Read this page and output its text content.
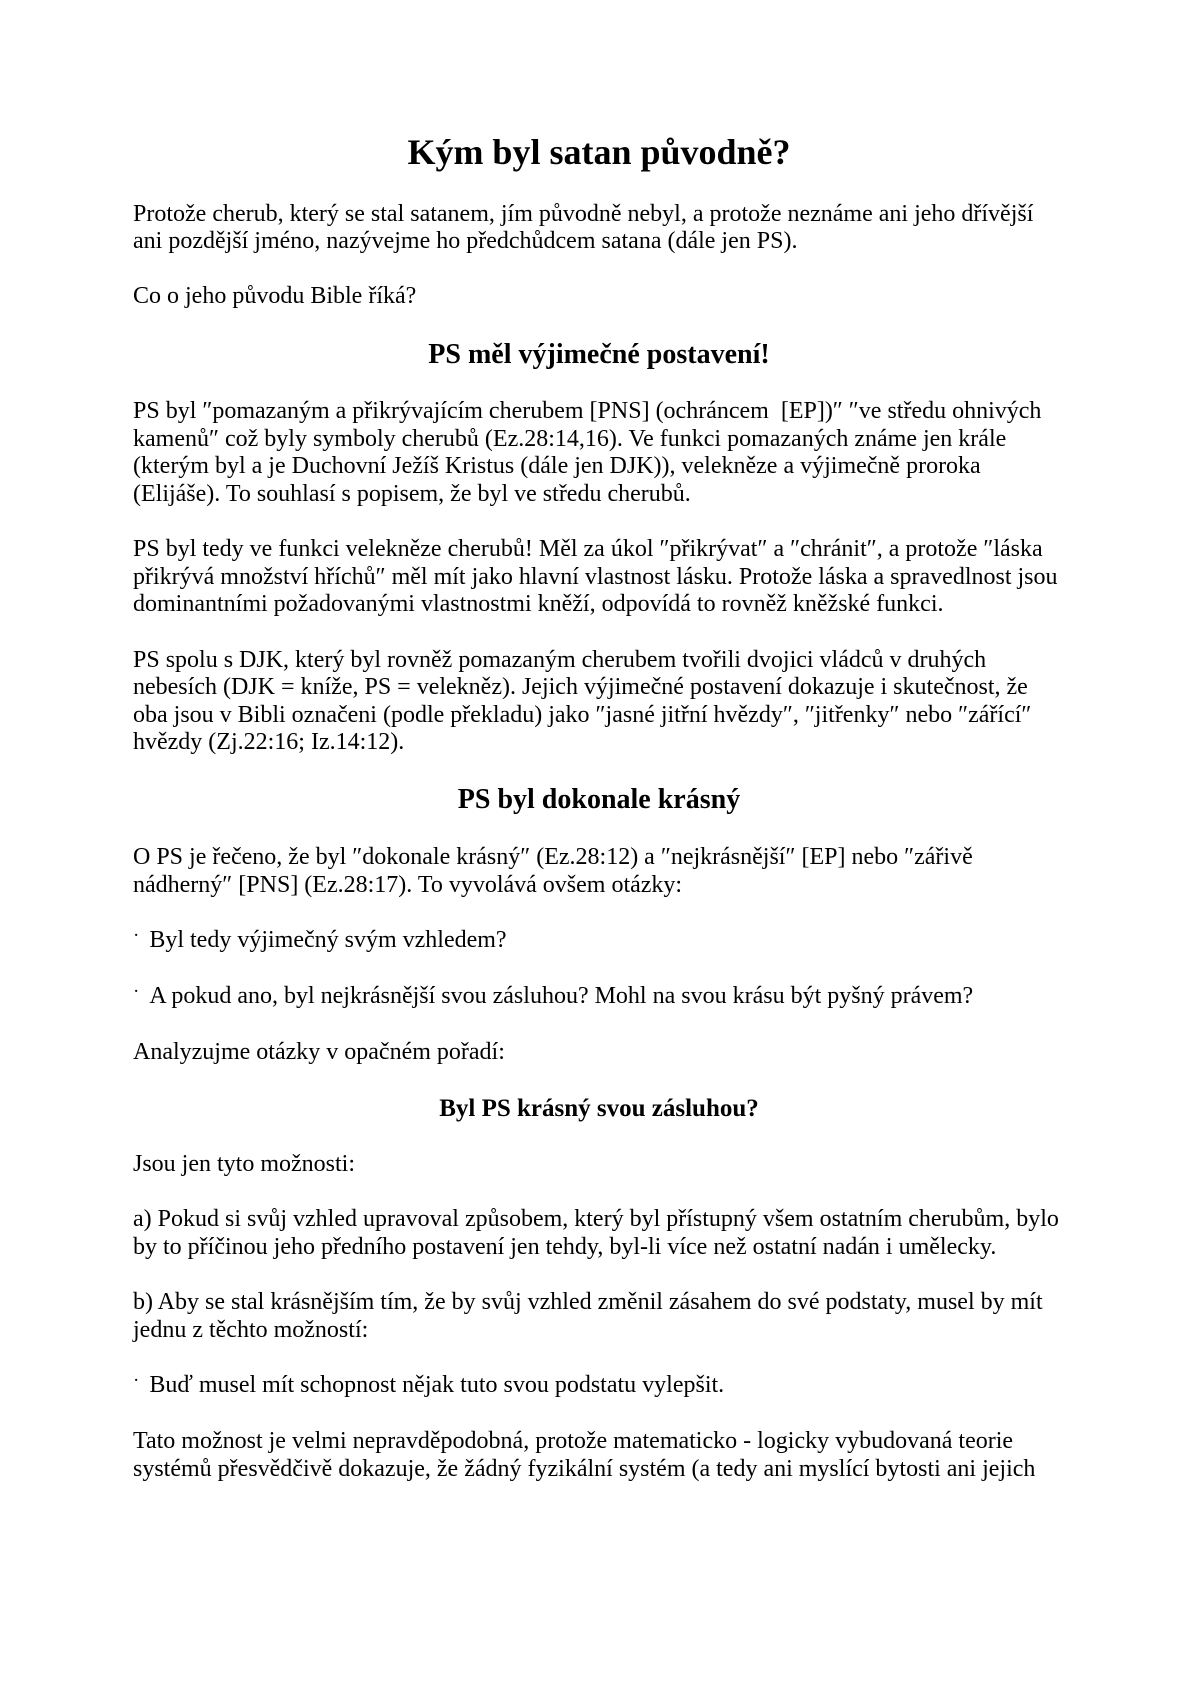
Kým byl satan původně?

Protože cherub, který se stal satanem, jím původně nebyl, a protože neznáme ani jeho dřívější ani pozdější jméno, nazývejme ho předchůdcem satana (dále jen PS).

Co o jeho původu Bible říká?

PS měl výjimečné postavení!

PS byl ″pomazaným a přikrývajícím cherubem [PNS] (ochráncem  [EP])″ ″ve středu ohnivých kamenů″ což byly symboly cherubů (Ez.28:14,16). Ve funkci pomazaných známe jen krále (kterým byl a je Duchovní Ježíš Kristus (dále jen DJK)), velekněze a výjimečně proroka (Elijáše). To souhlasí s popisem, že byl ve středu cherubů.

PS byl tedy ve funkci velekněze cherubů! Měl za úkol ″přikrývat″ a ″chránit″, a protože ″láska přikrývá množství hříchů″ měl mít jako hlavní vlastnost lásku. Protože láska a spravedlnost jsou dominantními požadovanými vlastnostmi kněží, odpovídá to rovněž kněžské funkci.

PS spolu s DJK, který byl rovněž pomazaným cherubem tvořili dvojici vládců v druhých nebesích (DJK = kníže, PS = velekněz). Jejich výjimečné postavení dokazuje i skutečnost, že oba jsou v Bibli označeni (podle překladu) jako ″jasné jitřní hvězdy″, ″jitřenky″ nebo ″zářící″ hvězdy (Zj.22:16; Iz.14:12).

PS byl dokonale krásný

O PS je řečeno, že byl ″dokonale krásný″ (Ez.28:12) a ″nejkrásnější″ [EP] nebo ″zářivě nádherný″ [PNS] (Ez.28:17). To vyvolává ovšem otázky:

· Byl tedy výjimečný svým vzhledem?

· A pokud ano, byl nejkrásnější svou zásluhou? Mohl na svou krásu být pyšný právem?

Analyzujme otázky v opačném pořadí:

Byl PS krásný svou zásluhou?

Jsou jen tyto možnosti:

a) Pokud si svůj vzhled upravoval způsobem, který byl přístupný všem ostatním cherubům, bylo by to příčinou jeho předního postavení jen tehdy, byl-li více než ostatní nadán i umělecky.

b) Aby se stal krásnějším tím, že by svůj vzhled změnil zásahem do své podstaty, musel by mít jednu z těchto možností:

· Buď musel mít schopnost nějak tuto svou podstatu vylepšit.

Tato možnost je velmi nepravděpodobná, protože matematicko - logicky vybudovaná teorie systémů přesvědčivě dokazuje, že žádný fyzikální systém (a tedy ani myslící bytosti ani jejich
